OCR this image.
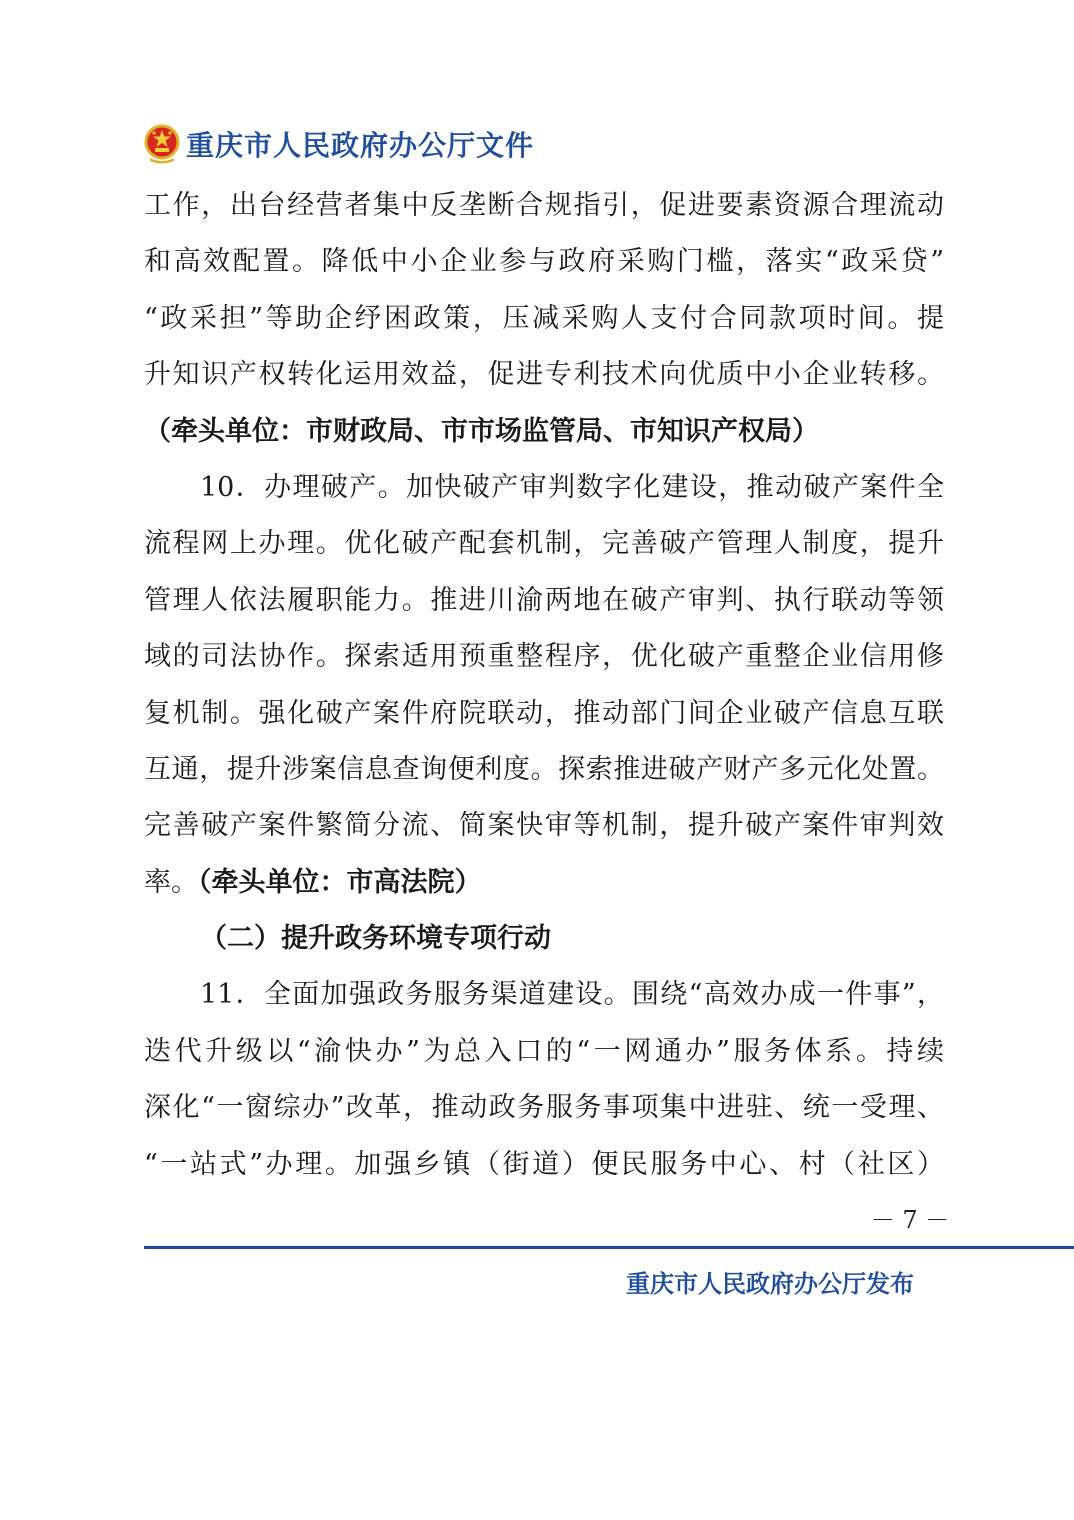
重庆市人民政府办公厅文件
工作，出台经营者集中反垄断合规指引，促进要素资源合理流动
和高效配置。降低中小企业参与政府采购门槛，落实“政采贷”
“政采担”等助企纾困政策，压减采购人支付合同款项时间。提
升知识产权转化运用效益，促进专利技术向优质中小企业转移。
（牵头单位：市财政局、市市场监管局、市知识产权局）
10．办理破产。加快破产审判数字化建设，推动破产案件全
流程网上办理。优化破产配套机制，完善破产管理人制度，提升
管理人依法履职能力。推进川渝两地在破产审判、执行联动等领
域的司法协作。探索适用预重整程序，优化破产重整企业信用修
复机制。强化破产案件府院联动，推动部门间企业破产信息互联
互通，提升涉案信息查询便利度。探索推进破产财产多元化处置。
完善破产案件繁简分流、简案快审等机制，提升破产案件审判效
率。（牵头单位：市高法院）
（二）提升政务环境专项行动
11．全面加强政务服务渠道建设。围绕“高效办成一件事”，
迭代升级以“渝快办”为总入口的“一网通办”服务体系。持续
深化“一窗综办”改革，推动政务服务事项集中进驻、统一受理、
“一站式”办理。加强乡镇（街道）便民服务中心、村（社区）
－ 7 －
重庆市人民政府办公厅发布
